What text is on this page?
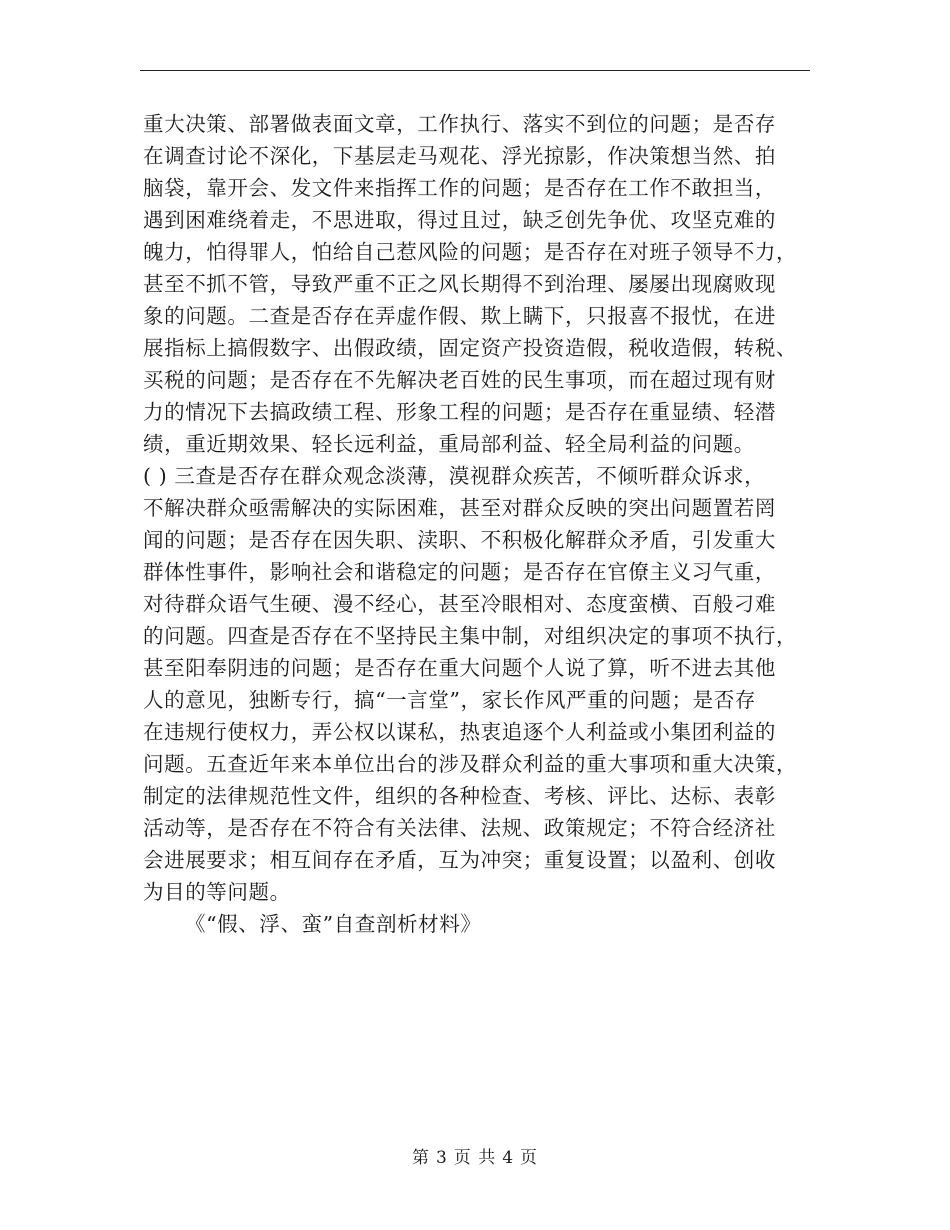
重大决策、部署做表面文章，工作执行、落实不到位的问题；是否存
在调查讨论不深化，下基层走马观花、浮光掠影，作决策想当然、拍
脑袋，靠开会、发文件来指挥工作的问题；是否存在工作不敢担当，
遇到困难绕着走，不思进取，得过且过，缺乏创先争优、攻坚克难的
魄力，怕得罪人，怕给自己惹风险的问题；是否存在对班子领导不力，
甚至不抓不管，导致严重不正之风长期得不到治理、屡屡出现腐败现
象的问题。二查是否存在弄虚作假、欺上瞒下，只报喜不报忧，在进
展指标上搞假数字、出假政绩，固定资产投资造假，税收造假，转税、
买税的问题；是否存在不先解决老百姓的民生事项，而在超过现有财
力的情况下去搞政绩工程、形象工程的问题；是否存在重显绩、轻潜
绩，重近期效果、轻长远利益，重局部利益、轻全局利益的问题。
( ) 三查是否存在群众观念淡薄，漠视群众疾苦，不倾听群众诉求，
不解决群众亟需解决的实际困难，甚至对群众反映的突出问题置若罔
闻的问题；是否存在因失职、渎职、不积极化解群众矛盾，引发重大
群体性事件，影响社会和谐稳定的问题；是否存在官僚主义习气重，
对待群众语气生硬、漫不经心，甚至冷眼相对、态度蛮横、百般刁难
的问题。四查是否存在不坚持民主集中制，对组织决定的事项不执行，
甚至阳奉阴违的问题；是否存在重大问题个人说了算，听不进去其他
人的意见，独断专行，搞“一言堂”，家长作风严重的问题；是否存
在违规行使权力，弄公权以谋私，热衷追逐个人利益或小集团利益的
问题。五查近年来本单位出台的涉及群众利益的重大事项和重大决策，
制定的法律规范性文件，组织的各种检查、考核、评比、达标、表彰
活动等，是否存在不符合有关法律、法规、政策规定；不符合经济社
会进展要求；相互间存在矛盾，互为冲突；重复设置；以盈利、创收
为目的等问题。
《“假、浮、蛮”自查剖析材料》
第 3 页 共 4 页
